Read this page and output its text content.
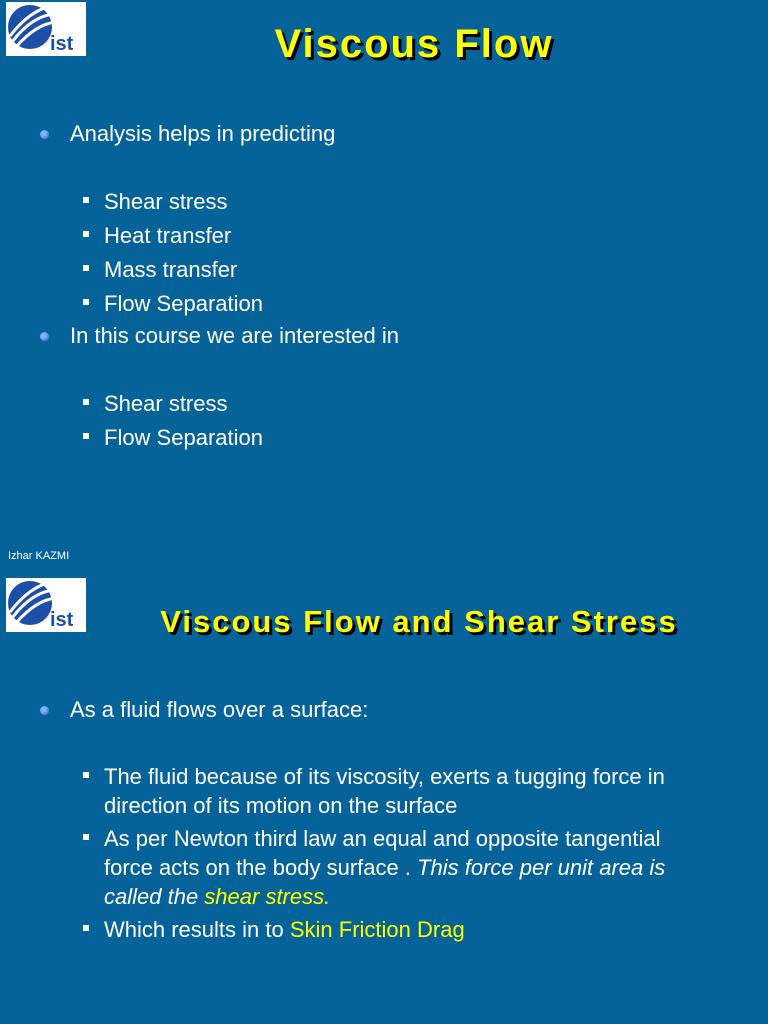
ist	Viscous Flow
Analysis helps in predicting
Shear stress
Heat transfer
Mass transfer
Flow Separation
In this course we are interested in
Shear stress
Flow Separation
Izhar KAZMI
ist	Viscous Flow and Shear Stress
As a fluid flows over a surface:
The fluid because of its viscosity, exerts a tugging force in
direction of its motion on the surface
As per Newton third law an equal and opposite tangential
force acts on the body surface . This force per unit area is
called the shear stress.
Which results in to Skin Friction Drag
